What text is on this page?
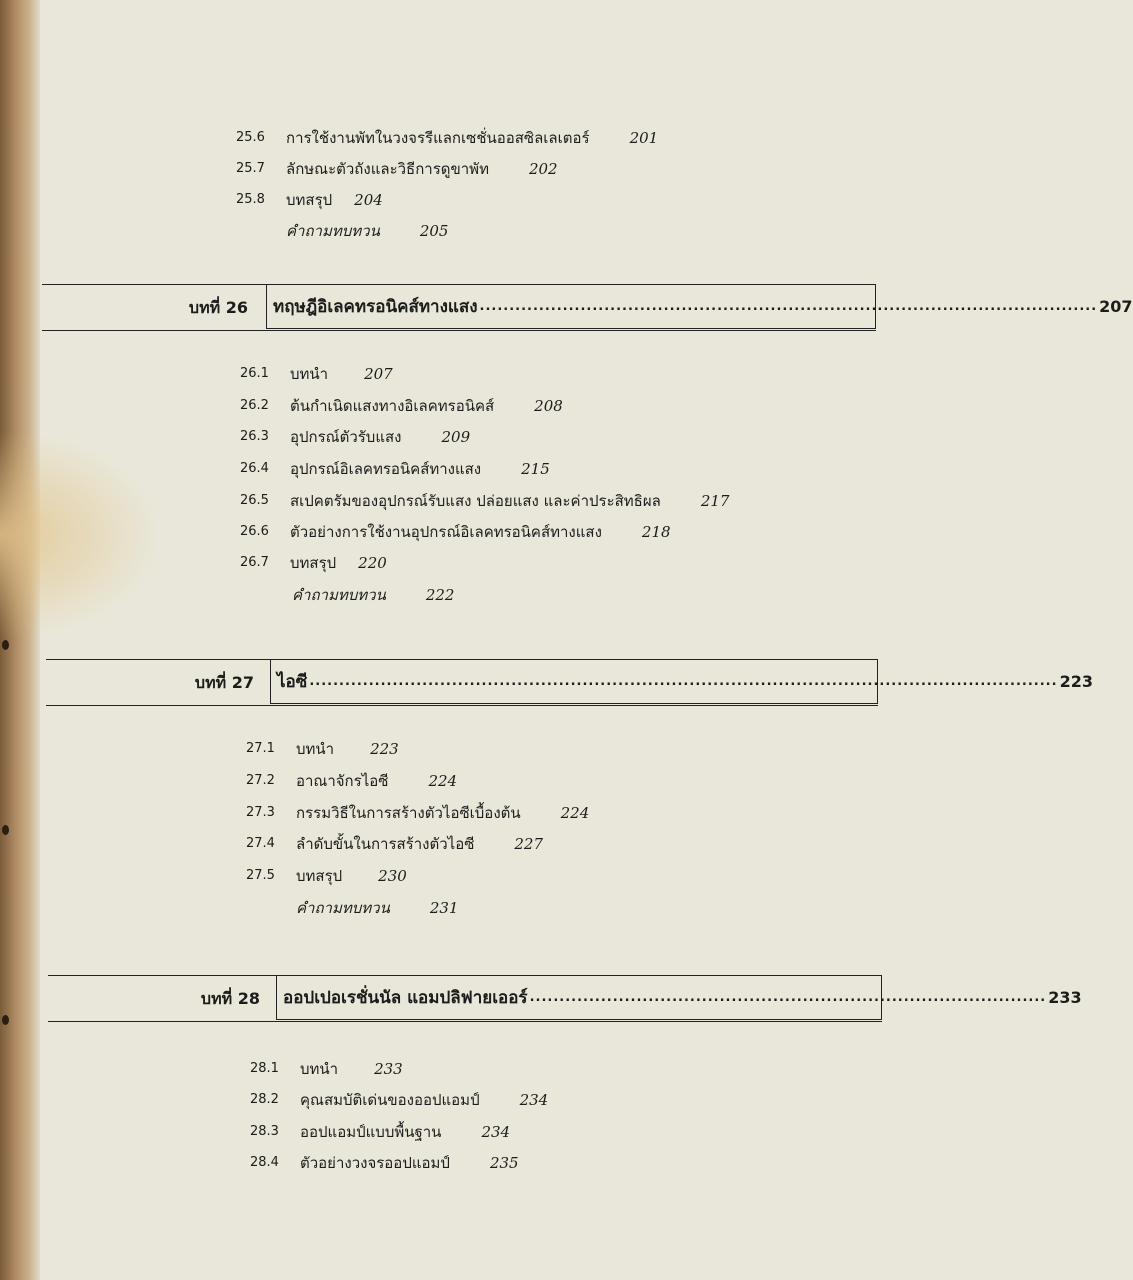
25.6 การใช้งานพัทในวงจรรีแลกเซชั่นออสซิลเลเตอร์	201
25.7 ลักษณะตัวถังและวิธีการดูขาพัท	202
25.8 บทสรุป 204
คำถามทบทวน	205
บทที่ 26 ทฤษฎีอิเลคทรอนิคส์ทางแสง ........................................................................................................ 207
26.1 บทนำ 207
26.2 ต้นกำเนิดแสงทางอิเลคทรอนิคส์	208
26.3 อุปกรณ์ตัวรับแสง	209
26.4 อุปกรณ์อิเลคทรอนิคส์ทางแสง	215
26.5 สเปคตรัมของอุปกรณ์รับแสง ปล่อยแสง และค่าประสิทธิผล	217
26.6 ตัวอย่างการใช้งานอุปกรณ์อิเลคทรอนิคส์ทางแสง	218
26.7 บทสรุป 220
คำถามทบทวน	222
บทที่ 27 ไอซี .............................................................................................................................. 223
27.1 บทนำ 223
27.2 อาณาจักรไอซี	224
27.3 กรรมวิธีในการสร้างตัวไอซีเบื้องต้น	224
27.4 ลำดับขั้นในการสร้างตัวไอซี	227
27.5 บทสรุป 230
คำถามทบทวน	231
บทที่ 28 ออปเปอเรชั่นนัล แอมปลิฟายเออร์ ....................................................................................... 233
28.1 บทนำ 233
28.2 คุณสมบัติเด่นของออปแอมป์	234
28.3 ออปแอมป์แบบพื้นฐาน	234
28.4 ตัวอย่างวงจรออปแอมป์	235
